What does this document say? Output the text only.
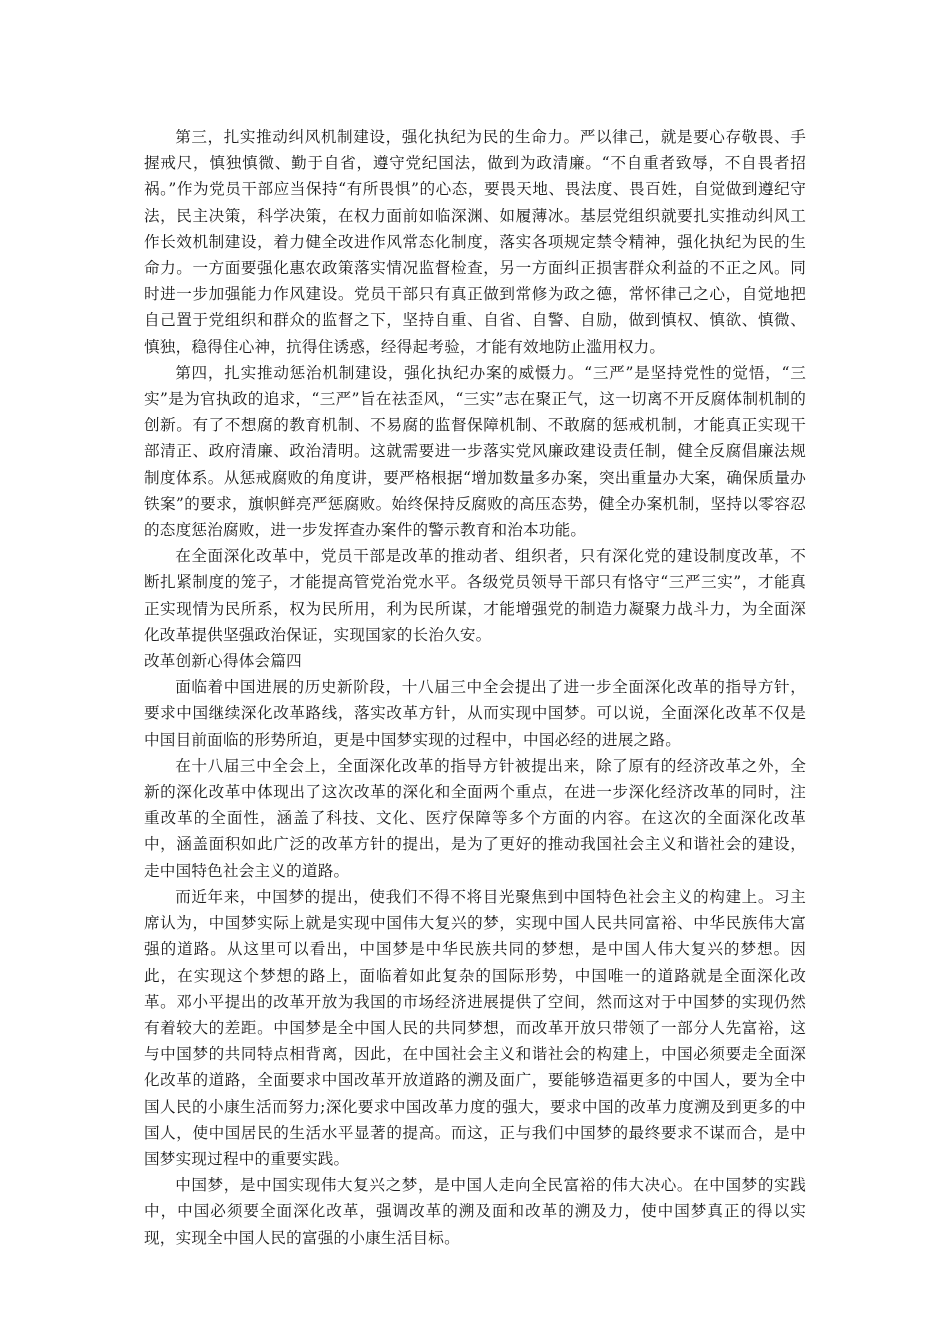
第三，扎实推动纠风机制建设，强化执纪为民的生命力。严以律己，就是要心存敬畏、手握戒尺，慎独慎微、勤于自省，遵守党纪国法，做到为政清廉。“不自重者致辱，不自畏者招祸。”作为党员干部应当保持“有所畏惧”的心态，要畏天地、畏法度、畏百姓，自觉做到遵纪守法，民主决策，科学决策，在权力面前如临深渊、如履薄冰。基层党组织就要扎实推动纠风工作长效机制建设，着力健全改进作风常态化制度，落实各项规定禁令精神，强化执纪为民的生命力。一方面要强化惠农政策落实情况监督检查，另一方面纠正损害群众利益的不正之风。同时进一步加强能力作风建设。党员干部只有真正做到常修为政之德，常怀律己之心，自觉地把自己置于党组织和群众的监督之下，坚持自重、自省、自警、自励，做到慎权、慎欲、慎微、慎独，稳得住心神，抗得住诱惑，经得起考验，才能有效地防止滥用权力。

第四，扎实推动惩治机制建设，强化执纪办案的威慑力。“三严”是坚持党性的觉悟，“三实”是为官执政的追求，“三严”旨在祛歪风，“三实”志在聚正气，这一切离不开反腐体制机制的创新。有了不想腐的教育机制、不易腐的监督保障机制、不敢腐的惩戒机制，才能真正实现干部清正、政府清廉、政治清明。这就需要进一步落实党风廉政建设责任制，健全反腐倡廉法规制度体系。从惩戒腐败的角度讲，要严格根据“增加数量多办案，突出重量办大案，确保质量办铁案”的要求，旗帜鲜亮严惩腐败。始终保持反腐败的高压态势，健全办案机制，坚持以零容忍的态度惩治腐败，进一步发挥查办案件的警示教育和治本功能。

在全面深化改革中，党员干部是改革的推动者、组织者，只有深化党的建设制度改革，不断扎紧制度的笼子，才能提高管党治党水平。各级党员领导干部只有恪守“三严三实”，才能真正实现情为民所系，权为民所用，利为民所谋，才能增强党的制造力凝聚力战斗力，为全面深化改革提供坚强政治保证，实现国家的长治久安。

改革创新心得体会篇四

面临着中国进展的历史新阶段，十八届三中全会提出了进一步全面深化改革的指导方针，要求中国继续深化改革路线，落实改革方针，从而实现中国梦。可以说，全面深化改革不仅是中国目前面临的形势所迫，更是中国梦实现的过程中，中国必经的进展之路。

在十八届三中全会上，全面深化改革的指导方针被提出来，除了原有的经济改革之外，全新的深化改革中体现出了这次改革的深化和全面两个重点，在进一步深化经济改革的同时，注重改革的全面性，涵盖了科技、文化、医疗保障等多个方面的内容。在这次的全面深化改革中，涵盖面积如此广泛的改革方针的提出，是为了更好的推动我国社会主义和谐社会的建设，走中国特色社会主义的道路。

而近年来，中国梦的提出，使我们不得不将目光聚焦到中国特色社会主义的构建上。习主席认为，中国梦实际上就是实现中国伟大复兴的梦，实现中国人民共同富裕、中华民族伟大富强的道路。从这里可以看出，中国梦是中华民族共同的梦想，是中国人伟大复兴的梦想。因此，在实现这个梦想的路上，面临着如此复杂的国际形势，中国唯一的道路就是全面深化改革。邓小平提出的改革开放为我国的市场经济进展提供了空间，然而这对于中国梦的实现仍然有着较大的差距。中国梦是全中国人民的共同梦想，而改革开放只带领了一部分人先富裕，这与中国梦的共同特点相背离，因此，在中国社会主义和谐社会的构建上，中国必须要走全面深化改革的道路，全面要求中国改革开放道路的溯及面广，要能够造福更多的中国人，要为全中国人民的小康生活而努力;深化要求中国改革力度的强大，要求中国的改革力度溯及到更多的中国人，使中国居民的生活水平显著的提高。而这，正与我们中国梦的最终要求不谋而合，是中国梦实现过程中的重要实践。

中国梦，是中国实现伟大复兴之梦，是中国人走向全民富裕的伟大决心。在中国梦的实践中，中国必须要全面深化改革，强调改革的溯及面和改革的溯及力，使中国梦真正的得以实现，实现全中国人民的富强的小康生活目标。
